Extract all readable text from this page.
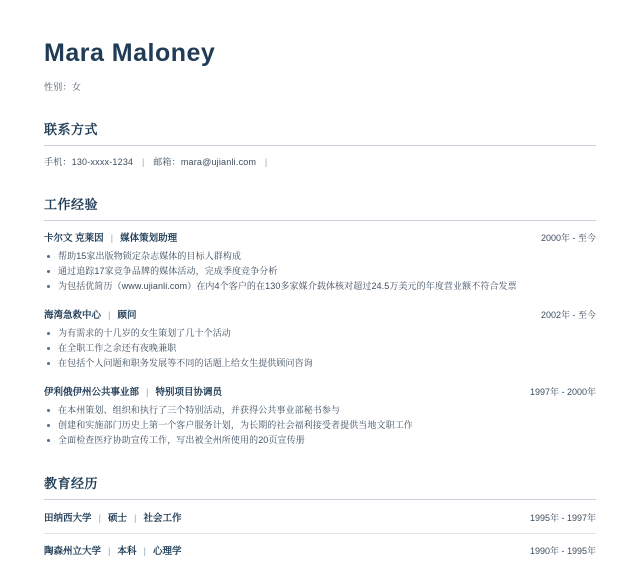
Mara Maloney
性别：女
联系方式
手机：130-xxxx-1234 | 邮箱：mara@ujianli.com |
工作经验
卡尔文 克莱因 | 媒体策划助理	2000年 - 至今
帮助15家出版物锁定杂志媒体的目标人群构成
通过追踪17家竞争品牌的媒体活动，完成季度竞争分析
为包括优简历（www.ujianli.com）在内4个客户的在130多家媒介载体核对超过24.5万美元的年度营业额不符合发票
海湾急救中心 | 顾问	2002年 - 至今
为有需求的十几岁的女生策划了几十个活动
在全职工作之余还有夜晚兼职
在包括个人问题和职务发展等不同的话题上给女生提供顾问咨询
伊利俄伊州公共事业部 | 特别项目协调员	1997年 - 2000年
在本州策划、组织和执行了三个特别活动，并获得公共事业部秘书参与
创建和实施部门历史上第一个客户服务计划，为长期的社会福利接受者提供当地文职工作
全面检查医疗协助宣传工作，写出被全州所使用的20页宣传册
教育经历
田纳西大学 | 硕士 | 社会工作	1995年 - 1997年
陶森州立大学 | 本科 | 心理学	1990年 - 1995年
